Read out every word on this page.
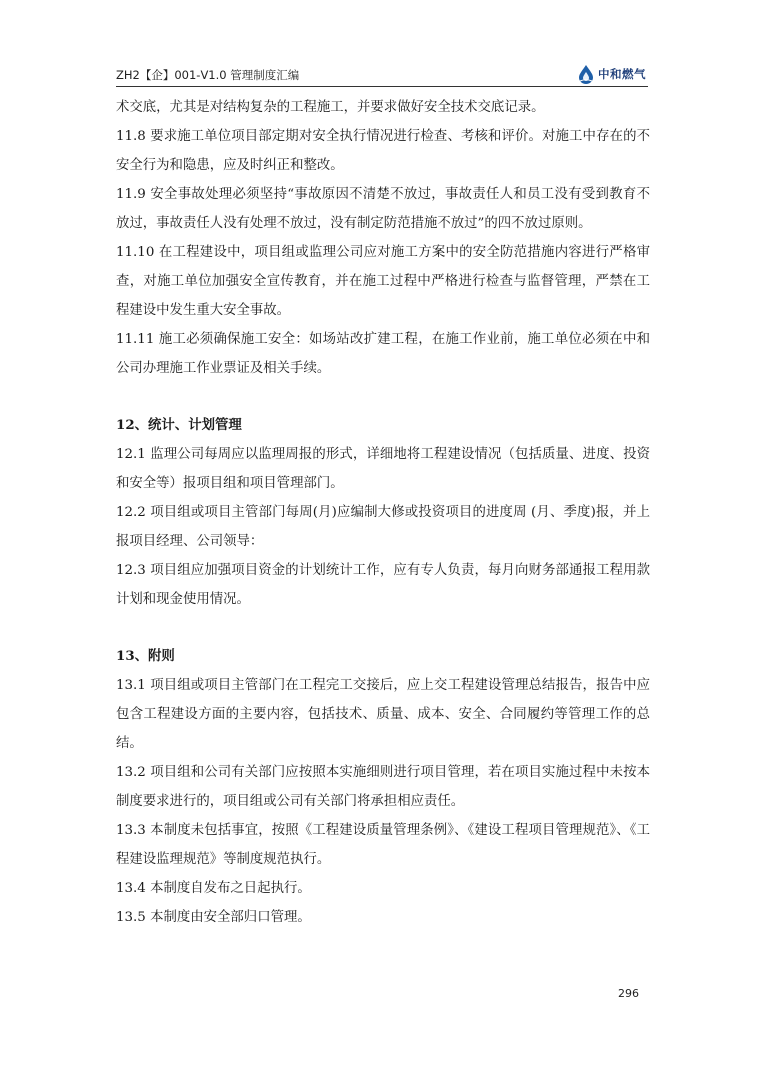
ZH2【企】001-V1.0 管理制度汇编	中和燃气

术交底，尤其是对结构复杂的工程施工，并要求做好安全技术交底记录。

11.8 要求施工单位项目部定期对安全执行情况进行检查、考核和评价。对施工中存在的不安全行为和隐患，应及时纠正和整改。

11.9 安全事故处理必须坚持“事故原因不清楚不放过，事故责任人和员工没有受到教育不放过，事故责任人没有处理不放过，没有制定防范措施不放过”的四不放过原则。

11.10 在工程建设中，项目组或监理公司应对施工方案中的安全防范措施内容进行严格审查，对施工单位加强安全宣传教育，并在施工过程中严格进行检查与监督管理，严禁在工程建设中发生重大安全事故。

11.11 施工必须确保施工安全：如场站改扩建工程，在施工作业前，施工单位必须在中和公司办理施工作业票证及相关手续。

12、统计、计划管理

12.1 监理公司每周应以监理周报的形式，详细地将工程建设情况（包括质量、进度、投资和安全等）报项目组和项目管理部门。

12.2 项目组或项目主管部门每周(月)应编制大修或投资项目的进度周 (月、季度)报，并上报项目经理、公司领导：

12.3 项目组应加强项目资金的计划统计工作，应有专人负责，每月向财务部通报工程用款计划和现金使用情况。

13、附则

13.1 项目组或项目主管部门在工程完工交接后，应上交工程建设管理总结报告，报告中应包含工程建设方面的主要内容，包括技术、质量、成本、安全、合同履约等管理工作的总结。

13.2 项目组和公司有关部门应按照本实施细则进行项目管理，若在项目实施过程中未按本制度要求进行的，项目组或公司有关部门将承担相应责任。

13.3 本制度未包括事宜，按照《工程建设质量管理条例》、《建设工程项目管理规范》、《工程建设监理规范》等制度规范执行。

13.4 本制度自发布之日起执行。

13.5 本制度由安全部归口管理。

296
